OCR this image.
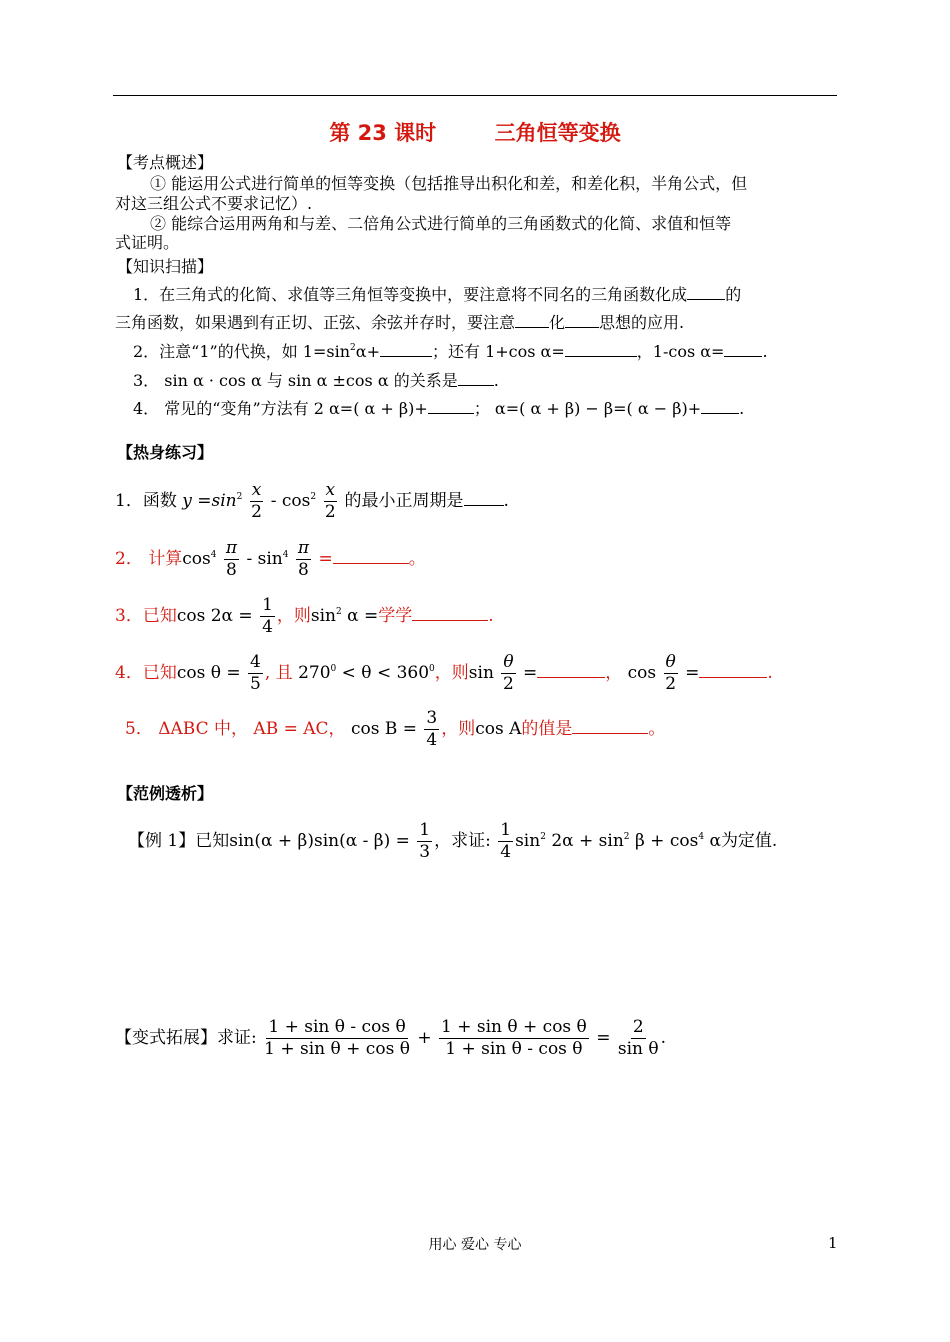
第 23 课时        三角恒等变换
【考点概述】
① 能运用公式进行简单的恒等变换（包括推导出积化和差，和差化积，半角公式，但
对这三组公式不要求记忆）.
② 能综合运用两角和与差、二倍角公式进行简单的三角函数式的化简、求值和恒等
式证明。
【知识扫描】
1．在三角式的化简、求值等三角恒等变换中，要注意将不同名的三角函数化成 的
三角函数，如果遇到有正切、正弦、余弦并存时，要注意 化 思想的应用.
2．注意“1”的代换，如 $1=\sin^2\alpha+$	；还有 1+cos α=	，1-cos α= .
3． sin α · cos α 与 sin α ±cos α 的关系是 .
4． 常见的“变角”方法有 2 α=( α + β)+	； α=( α + β) − β=( α − β)+ .
【热身练习】
1．函数 $y =\sin^2 \frac{x}{2} - \cos^2 \frac{x}{2}$ 的最小正周期是 .
2． 计算$\cos^4 \frac{\pi}{8} - \sin^4 \frac{\pi}{8}$ =	。
3．已知$\cos 2\alpha = \frac{1}{4}$ ，则$\sin^2 \alpha$ =学学	.
4．已知$\cos \theta = \frac{4}{5}$ , 且 $270^0 < \theta < 360^0$，则$\sin \frac{\theta}{2}$ =	， $\cos \frac{\theta}{2}$ =	.
5． ΔABC 中， AB = AC， $\cos B = \frac{3}{4}$ ，则cos A的值是	。
【范例透析】
【例 1】已知$\sin(\alpha + \beta)\sin(\alpha - \beta) = \frac{1}{3}$ ，求证: $\frac{1}{4} \sin^2 2\alpha + \sin^2 \beta + \cos^4 \alpha$为定值.
【变式拓展】求证: $\frac{\text{1 + sin θ - cos θ}}{\text{1 + sin θ + cos θ}} + \frac{\text{1 + sin θ + cos θ}}{\text{1 + sin θ - cos θ}} = \frac{2}{\text{sin θ}}$ .
用心 爱心 专心	1
